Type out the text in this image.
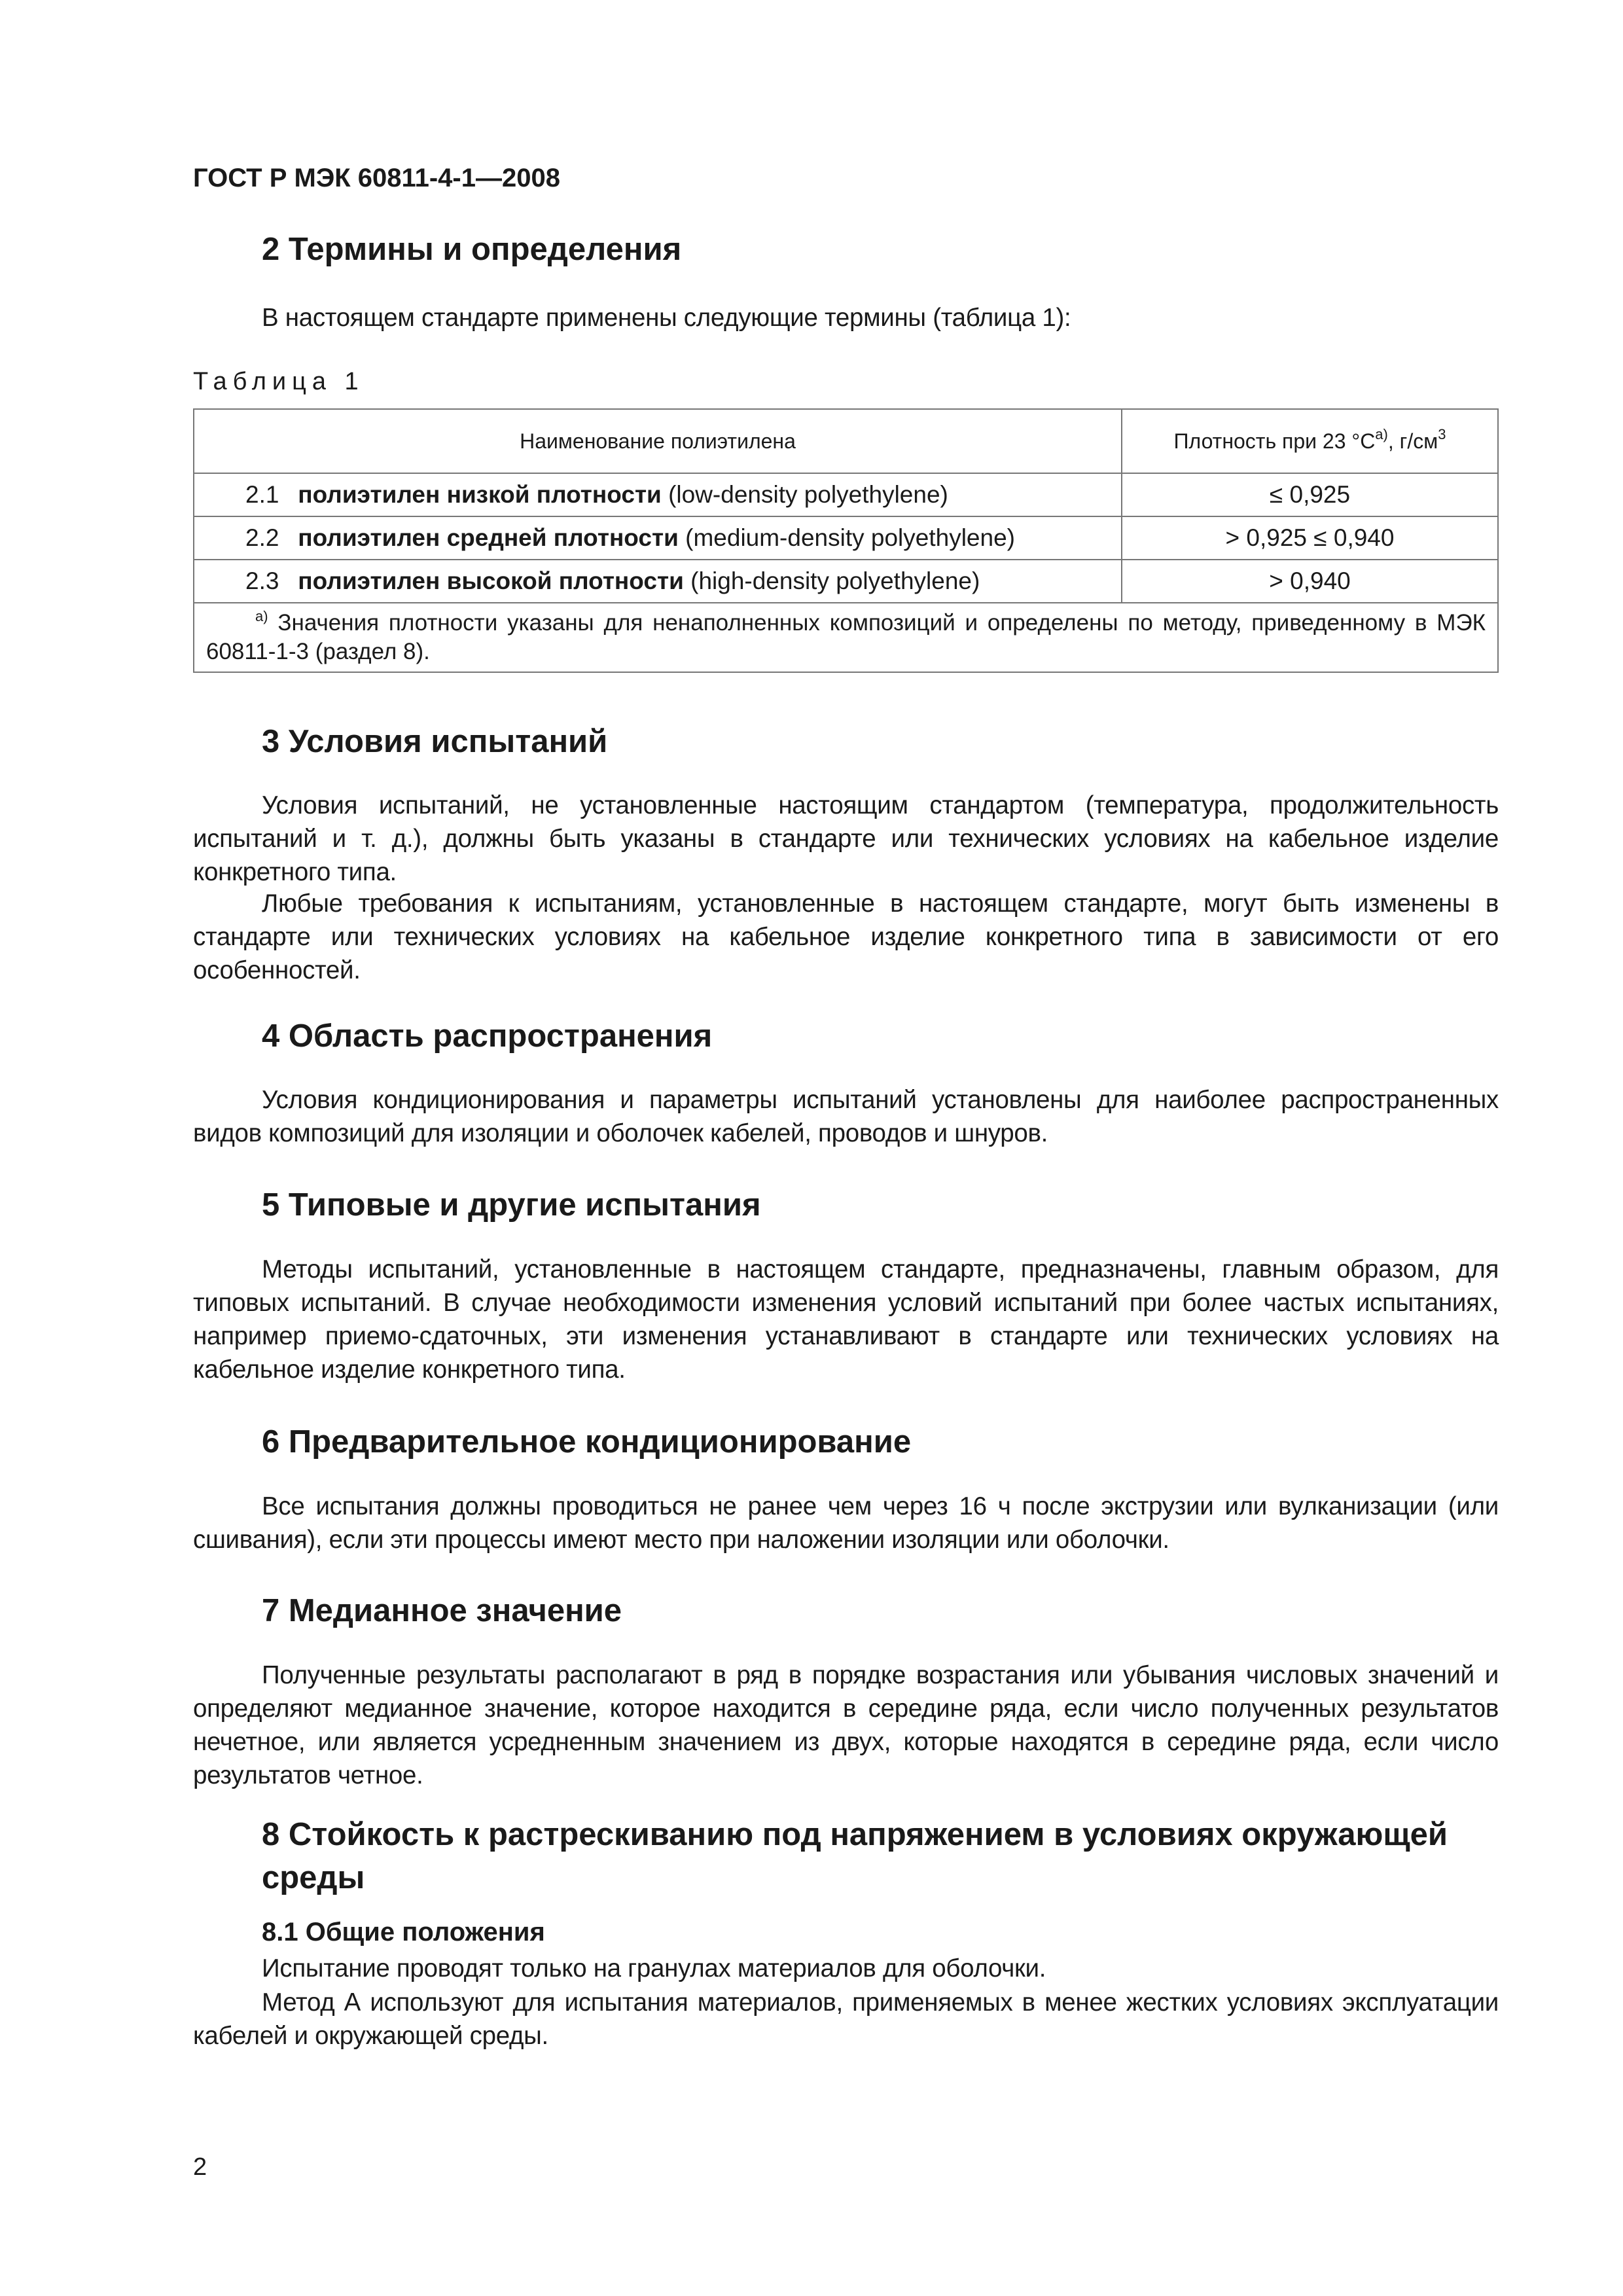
ГОСТ Р МЭК 60811-4-1—2008
2 Термины и определения

В настоящем стандарте применены следующие термины (таблица 1):

Таблица 1
Наименование полиэтилена	Плотность при 23 $^\circ С^{а)}$, $г/см^3$
2.1 полиэтилен низкой плотности (low-density polyethylene)	≤ 0,925
2.2 полиэтилен средней плотности (medium-density polyethylene)	> 0,925 ≤ 0,940
2.3 полиэтилен высокой плотности (high-density polyethylene)	> 0,940
$^{а)}$ Значения плотности указаны для ненаполненных композиций и определены по методу, приведенному в МЭК 60811-1-3 (раздел 8).	
3 Условия испытаний

Условия испытаний, не установленные настоящим стандартом (температура, продолжительность испытаний и т. д.), должны быть указаны в стандарте или технических условиях на кабельное изделие конкретного типа.

Любые требования к испытаниям, установленные в настоящем стандарте, могут быть изменены в стандарте или технических условиях на кабельное изделие конкретного типа в зависимости от его особенностей.

4 Область распространения

Условия кондиционирования и параметры испытаний установлены для наиболее распространенных видов композиций для изоляции и оболочек кабелей, проводов и шнуров.

5 Типовые и другие испытания

Методы испытаний, установленные в настоящем стандарте, предназначены, главным образом, для типовых испытаний. В случае необходимости изменения условий испытаний при более частых испытаниях, например приемо-сдаточных, эти изменения устанавливают в стандарте или технических условиях на кабельное изделие конкретного типа.

6 Предварительное кондиционирование

Все испытания должны проводиться не ранее чем через 16 ч после экструзии или вулканизации (или сшивания), если эти процессы имеют место при наложении изоляции или оболочки.

7 Медианное значение

Полученные результаты располагают в ряд в порядке возрастания или убывания числовых значений и определяют медианное значение, которое находится в середине ряда, если число полученных результатов нечетное, или является усредненным значением из двух, которые находятся в середине ряда, если число результатов четное.

8 Стойкость к растрескиванию под напряжением в условиях окружающей
среды
8.1 Общие положения

Испытание проводят только на гранулах материалов для оболочки.

Метод А используют для испытания материалов, применяемых в менее жестких условиях эксплуатации кабелей и окружающей среды.

2
